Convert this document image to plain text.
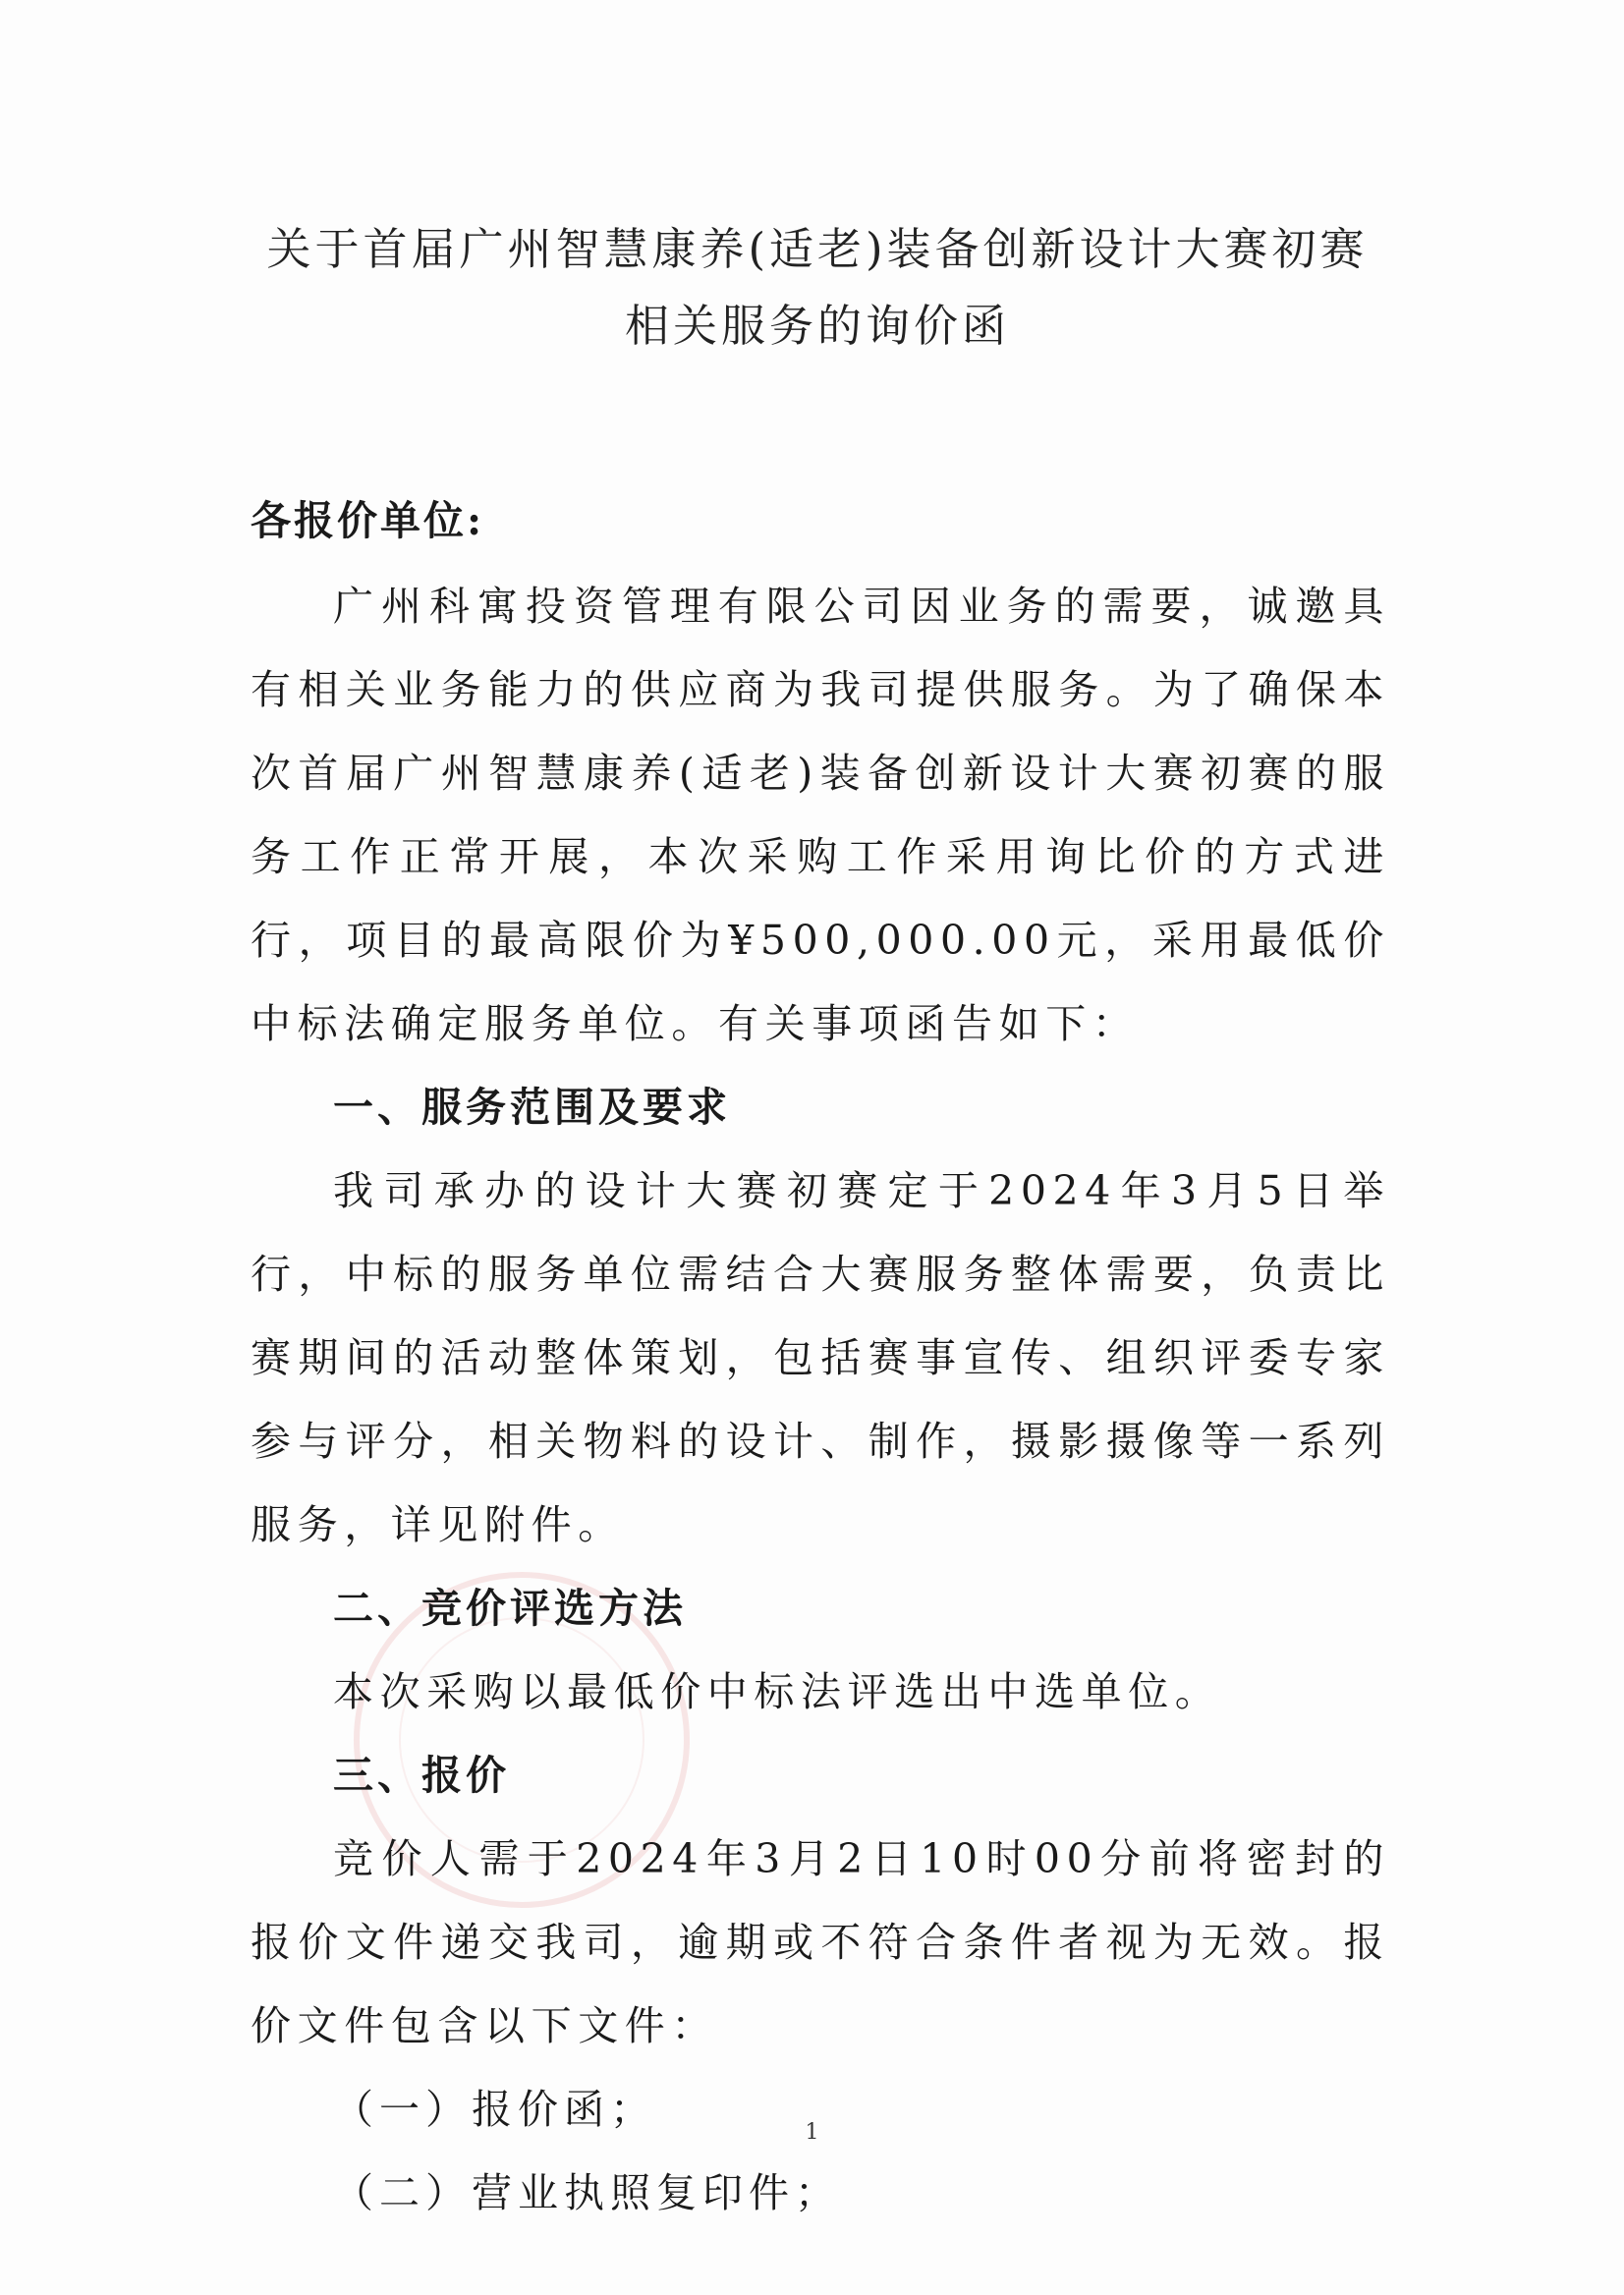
关于首届广州智慧康养(适老)装备创新设计大赛初赛
相关服务的询价函
各报价单位:

广州科寓投资管理有限公司因业务的需要，诚邀具有相关业务能力的供应商为我司提供服务。为了确保本次首届广州智慧康养(适老)装备创新设计大赛初赛的服务工作正常开展，本次采购工作采用询比价的方式进行，项目的最高限价为¥500,000.00元，采用最低价中标法确定服务单位。有关事项函告如下：

一、服务范围及要求

我司承办的设计大赛初赛定于2024年3月5日举行，中标的服务单位需结合大赛服务整体需要，负责比赛期间的活动整体策划，包括赛事宣传、组织评委专家参与评分，相关物料的设计、制作，摄影摄像等一系列服务，详见附件。

二、竞价评选方法

本次采购以最低价中标法评选出中选单位。

三、报价

竞价人需于2024年3月2日10时00分前将密封的报价文件递交我司，逾期或不符合条件者视为无效。报价文件包含以下文件：

（一）报价函；

（二）营业执照复印件；

1
